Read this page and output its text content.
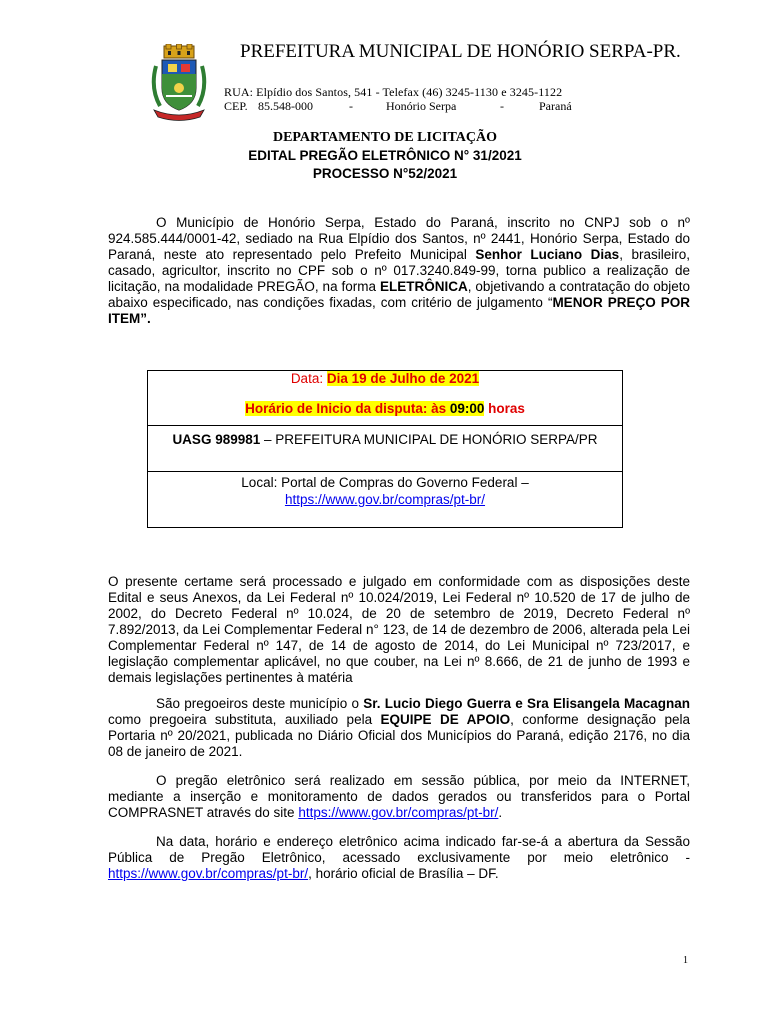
PREFEITURA MUNICIPAL DE HONÓRIO SERPA-PR.
RUA: Elpídio dos Santos, 541 - Telefax (46) 3245-1130 e 3245-1122
CEP. 85.548-000	-	Honório Serpa	-	Paraná
DEPARTAMENTO DE LICITAÇÃO
EDITAL PREGÃO ELETRÔNICO N° 31/2021
PROCESSO N°52/2021

O Município de Honório Serpa, Estado do Paraná, inscrito no CNPJ sob o nº 924.585.444/0001-42, sediado na Rua Elpídio dos Santos, nº 2441, Honório Serpa, Estado do Paraná, neste ato representado pelo Prefeito Municipal Senhor Luciano Dias, brasileiro, casado, agricultor, inscrito no CPF sob o nº 017.3240.849-99, torna publico a realização de licitação, na modalidade PREGÃO, na forma ELETRÔNICA, objetivando a contratação do objeto abaixo especificado, nas condições fixadas, com critério de julgamento “MENOR PREÇO POR ITEM”.

Data: Dia 19 de Julho de 2021
Horário de Inicio da disputa: às 09:00 horas
UASG 989981 – PREFEITURA MUNICIPAL DE HONÓRIO SERPA/PR
Local: Portal de Compras do Governo Federal –
https://www.gov.br/compras/pt-br/

O presente certame será processado e julgado em conformidade com as disposições deste Edital e seus Anexos, da Lei Federal nº 10.024/2019, Lei Federal nº 10.520 de 17 de julho de 2002, do Decreto Federal nº 10.024, de 20 de setembro de 2019, Decreto Federal nº 7.892/2013, da Lei Complementar Federal n° 123, de 14 de dezembro de 2006, alterada pela Lei Complementar Federal nº 147, de 14 de agosto de 2014, do Lei Municipal nº 723/2017, e legislação complementar aplicável, no que couber, na Lei nº 8.666, de 21 de junho de 1993 e demais legislações pertinentes à matéria

São pregoeiros deste município o Sr. Lucio Diego Guerra e Sra Elisangela Macagnan como pregoeira substituta, auxiliado pela EQUIPE DE APOIO, conforme designação pela Portaria nº 20/2021, publicada no Diário Oficial dos Municípios do Paraná, edição 2176, no dia 08 de janeiro de 2021.

O pregão eletrônico será realizado em sessão pública, por meio da INTERNET, mediante a inserção e monitoramento de dados gerados ou transferidos para o Portal COMPRASNET através do site https://www.gov.br/compras/pt-br/.

Na data, horário e endereço eletrônico acima indicado far-se-á a abertura da Sessão Pública de Pregão Eletrônico, acessado exclusivamente por meio eletrônico - https://www.gov.br/compras/pt-br/, horário oficial de Brasília – DF.

1
